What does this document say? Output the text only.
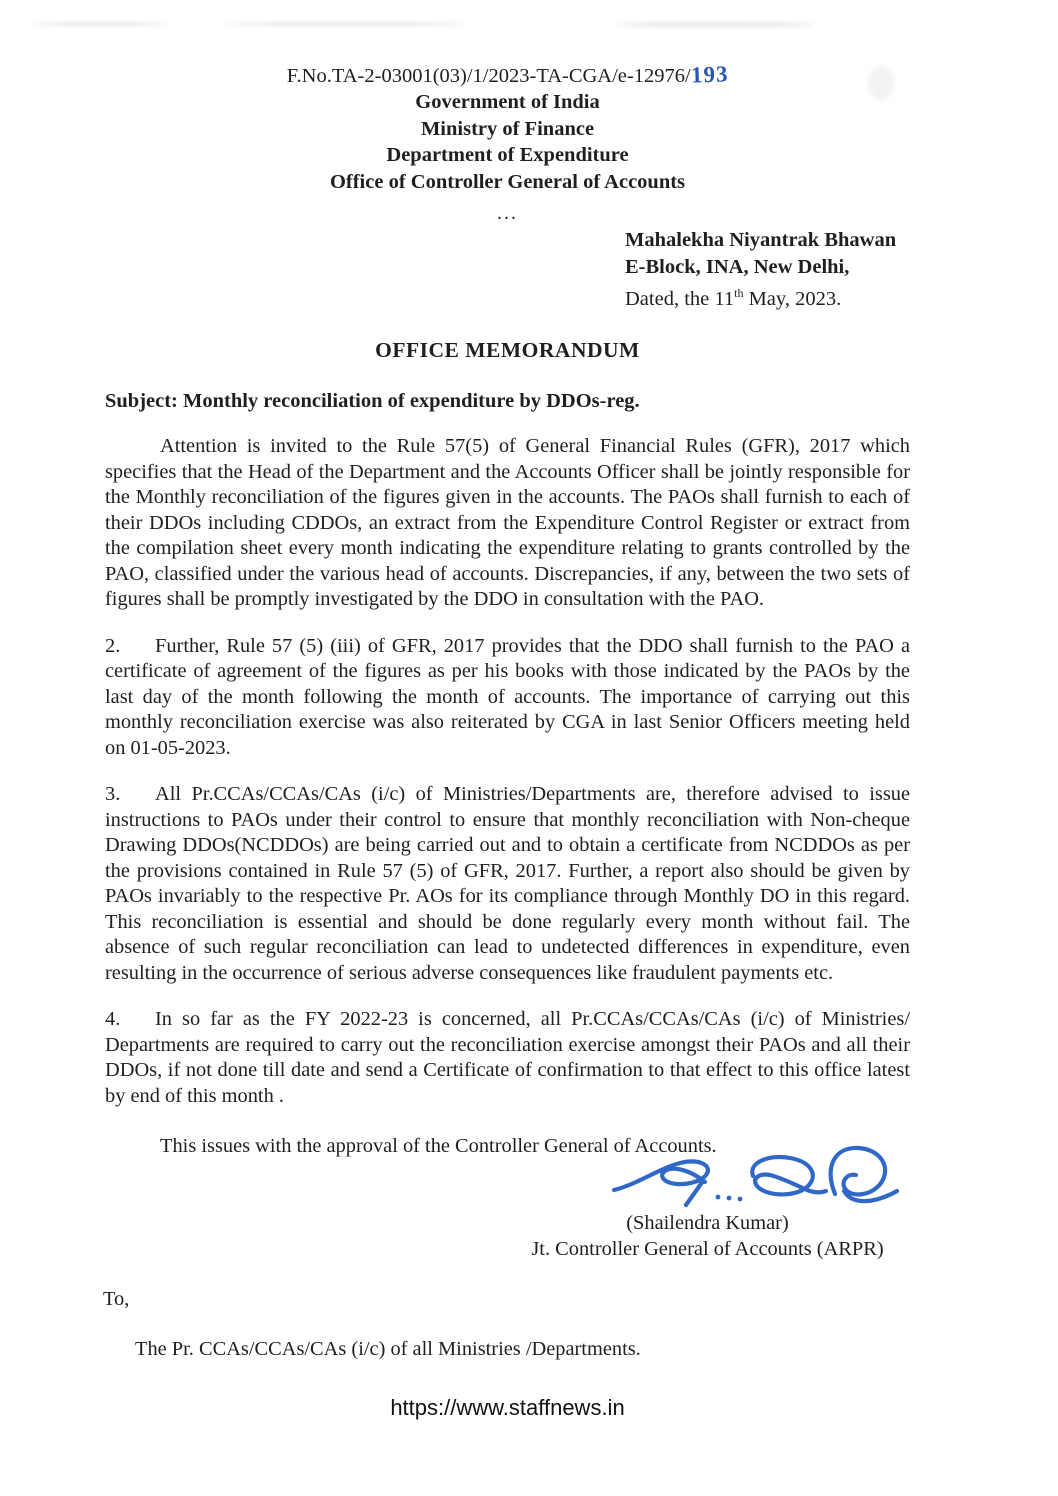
F.No.TA-2-03001(03)/1/2023-TA-CGA/e-12976/193
Government of India
Ministry of Finance
Department of Expenditure
Office of Controller General of Accounts
...
Mahalekha Niyantrak Bhawan
E-Block, INA, New Delhi,
Dated, the 11th May, 2023.
OFFICE MEMORANDUM
Subject: Monthly reconciliation of expenditure by DDOs-reg.

Attention is invited to the Rule 57(5) of General Financial Rules (GFR), 2017 which specifies that the Head of the Department and the Accounts Officer shall be jointly responsible for the Monthly reconciliation of the figures given in the accounts. The PAOs shall furnish to each of their DDOs including CDDOs, an extract from the Expenditure Control Register or extract from the compilation sheet every month indicating the expenditure relating to grants controlled by the PAO, classified under the various head of accounts. Discrepancies, if any, between the two sets of figures shall be promptly investigated by the DDO in consultation with the PAO.

2. Further, Rule 57 (5) (iii) of GFR, 2017 provides that the DDO shall furnish to the PAO a certificate of agreement of the figures as per his books with those indicated by the PAOs by the last day of the month following the month of accounts. The importance of carrying out this monthly reconciliation exercise was also reiterated by CGA in last Senior Officers meeting held on 01-05-2023.

3. All Pr.CCAs/CCAs/CAs (i/c) of Ministries/Departments are, therefore advised to issue instructions to PAOs under their control to ensure that monthly reconciliation with Non-cheque Drawing DDOs(NCDDOs) are being carried out and to obtain a certificate from NCDDOs as per the provisions contained in Rule 57 (5) of GFR, 2017. Further, a report also should be given by PAOs invariably to the respective Pr. AOs for its compliance through Monthly DO in this regard. This reconciliation is essential and should be done regularly every month without fail. The absence of such regular reconciliation can lead to undetected differences in expenditure, even resulting in the occurrence of serious adverse consequences like fraudulent payments etc.

4. In so far as the FY 2022-23 is concerned, all Pr.CCAs/CCAs/CAs (i/c) of Ministries/ Departments are required to carry out the reconciliation exercise amongst their PAOs and all their DDOs, if not done till date and send a Certificate of confirmation to that effect to this office latest by end of this month .

This issues with the approval of the Controller General of Accounts.

(Shailendra Kumar)
Jt. Controller General of Accounts (ARPR)
To,
The Pr. CCAs/CCAs/CAs (i/c) of all Ministries /Departments.
https://www.staffnews.in
